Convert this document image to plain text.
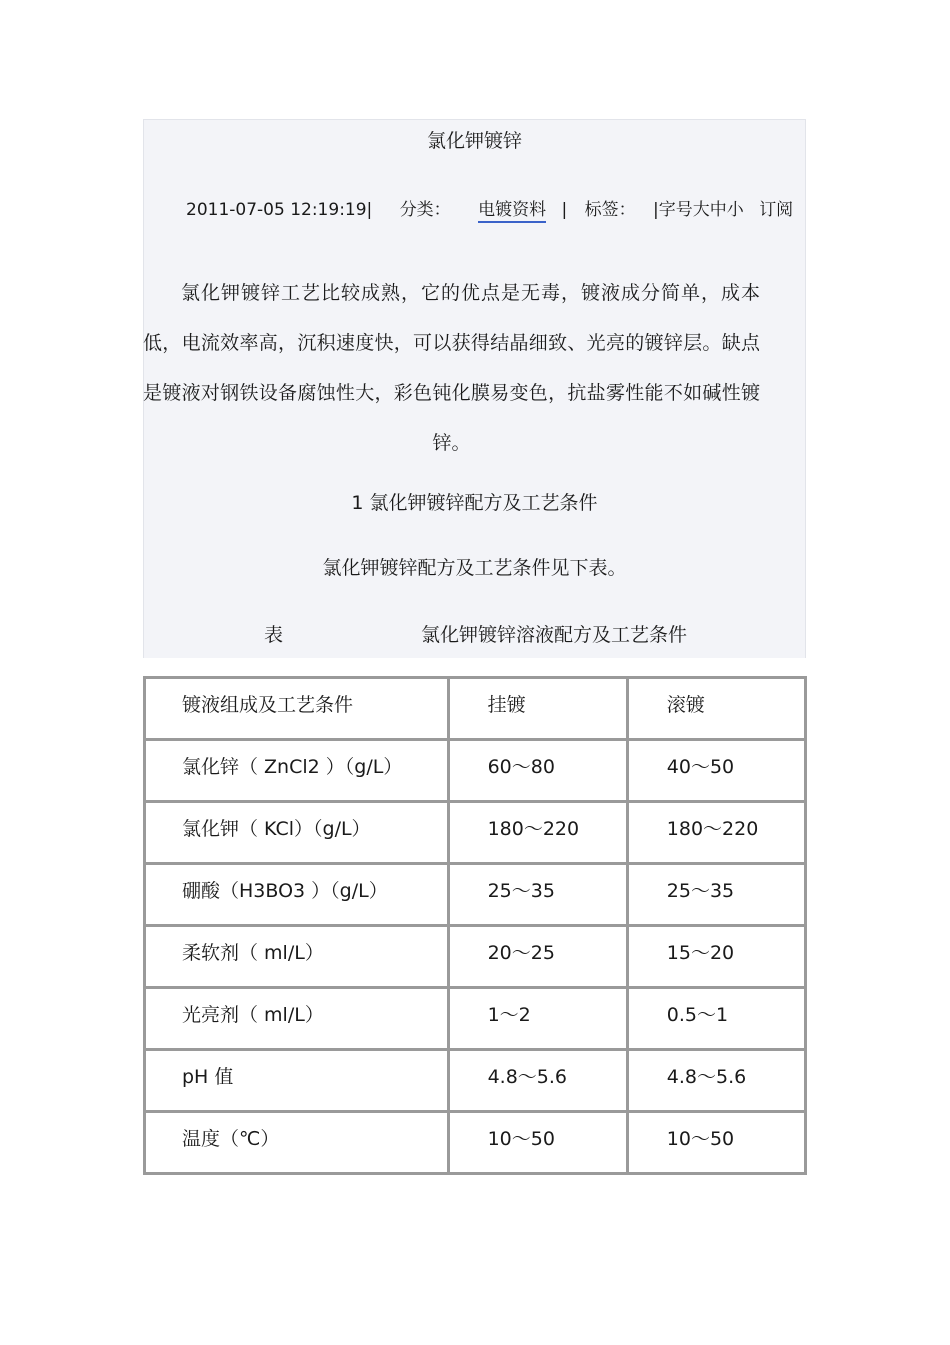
氯化钾镀锌
2011-07-05 12:19:19| 分类： 电镀资料 | 标签： |字号大中小 订阅

氯化钾镀锌工艺比较成熟，它的优点是无毒，镀液成分简单，成本低，电流效率高，沉积速度快，可以获得结晶细致、光亮的镀锌层。缺点是镀液对钢铁设备腐蚀性大，彩色钝化膜易变色，抗盐雾性能不如碱性镀锌。

1 氯化钾镀锌配方及工艺条件
氯化钾镀锌配方及工艺条件见下表。
表	氯化钾镀锌溶液配方及工艺条件
镀液组成及工艺条件	挂镀	滚镀

氯化锌（ ZnCl2 ）（g/L）	60～80	40～50

氯化钾（ KCl）（g/L）	180～220	180～220

硼酸（H3BO3 ）（g/L）	25～35	25～35

柔软剂（ ml/L）	20～25	15～20

光亮剂（ ml/L）	1～2	0.5～1

pH 值	4.8～5.6	4.8～5.6

温度（℃）	10～50	10～50
